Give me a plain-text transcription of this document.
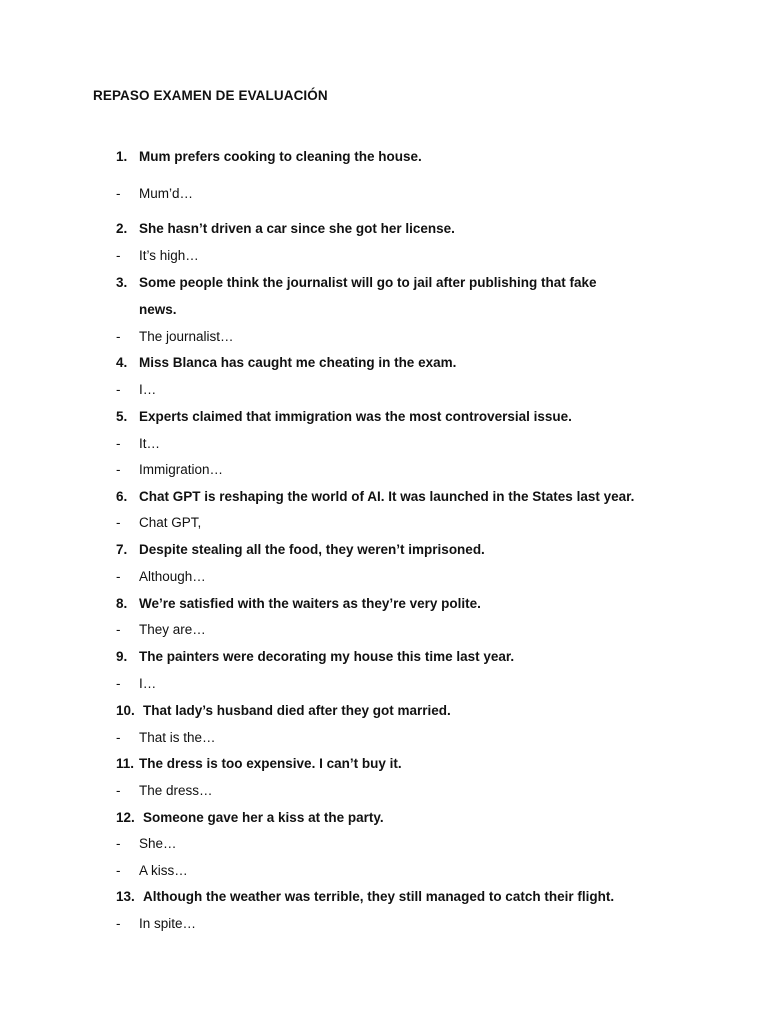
REPASO EXAMEN DE EVALUACIÓN
1. Mum prefers cooking to cleaning the house.
- Mum’d…
2. She hasn’t driven a car since she got her license.
- It’s high…
3. Some people think the journalist will go to jail after publishing that fake
news.
- The journalist…
4. Miss Blanca has caught me cheating in the exam.
- I…
5. Experts claimed that immigration was the most controversial issue.
- It…
- Immigration…
6. Chat GPT is reshaping the world of AI. It was launched in the States last year.
- Chat GPT,
7. Despite stealing all the food, they weren’t imprisoned.
- Although…
8. We’re satisfied with the waiters as they’re very polite.
- They are…
9. The painters were decorating my house this time last year.
- I…
10. That lady’s husband died after they got married.
- That is the…
11. The dress is too expensive. I can’t buy it.
- The dress…
12. Someone gave her a kiss at the party.
- She…
- A kiss…
13. Although the weather was terrible, they still managed to catch their flight.
- In spite…
